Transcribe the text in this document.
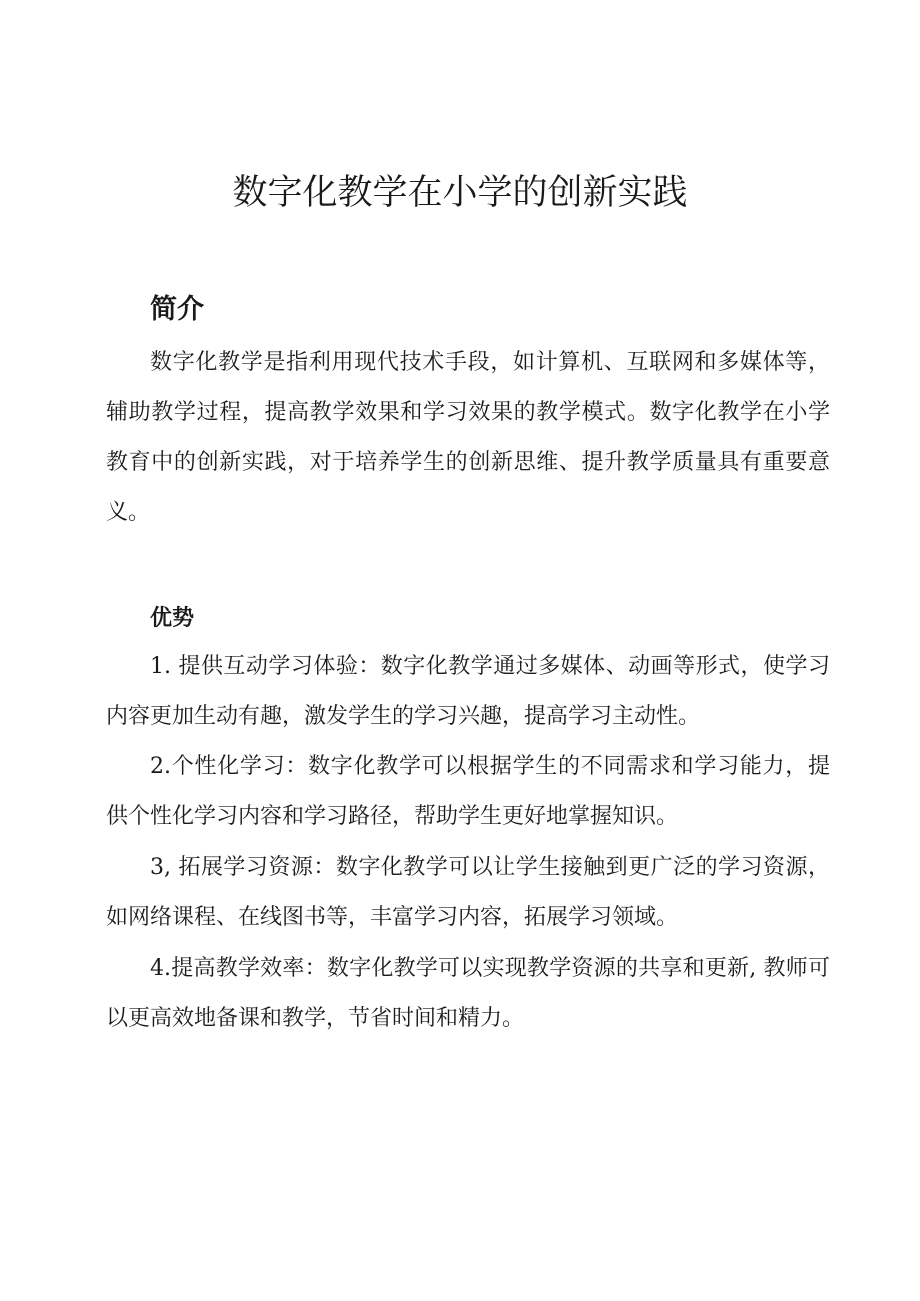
数字化教学在小学的创新实践
简介

数字化教学是指利用现代技术手段，如计算机、互联网和多媒体等，辅助教学过程，提高教学效果和学习效果的教学模式。数字化教学在小学教育中的创新实践，对于培养学生的创新思维、提升教学质量具有重要意义。

优势

1. 提供互动学习体验：数字化教学通过多媒体、动画等形式，使学习内容更加生动有趣，激发学生的学习兴趣，提高学习主动性。

2.个性化学习：数字化教学可以根据学生的不同需求和学习能力，提供个性化学习内容和学习路径，帮助学生更好地掌握知识。

3, 拓展学习资源：数字化教学可以让学生接触到更广泛的学习资源，如网络课程、在线图书等，丰富学习内容，拓展学习领域。

4.提高教学效率：数字化教学可以实现教学资源的共享和更新, 教师可以更高效地备课和教学，节省时间和精力。
